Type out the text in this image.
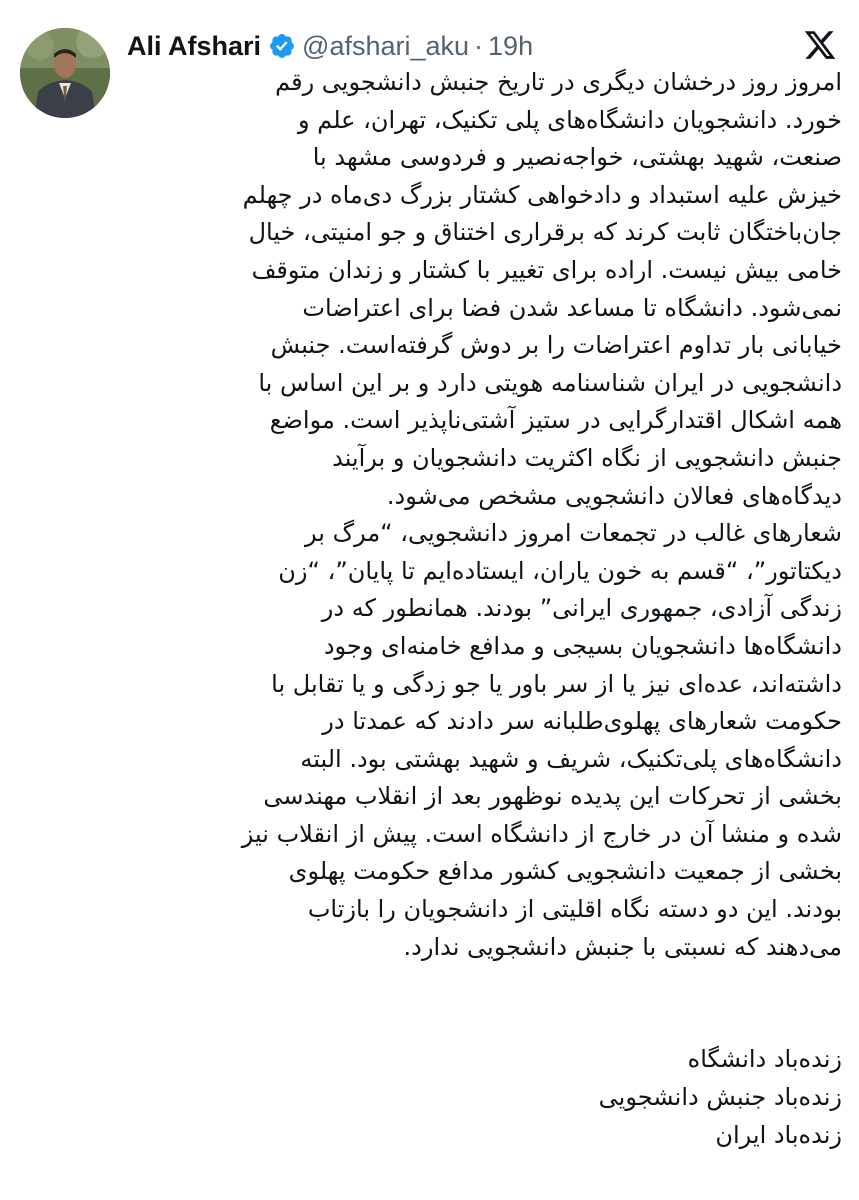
Ali Afshari @afshari_aku · 19h
امروز روز درخشان دیگری در تاریخ جنبش دانشجویی رقم
خورد. دانشجویان دانشگاه‌های پلی تکنیک، تهران، علم و
صنعت، شهید بهشتی، خواجه‌نصیر و فردوسی مشهد با
خیزش علیه استبداد و دادخواهی کشتار بزرگ دی‌ماه در چهلم
جان‌باختگان ثابت کرند که برقراری اختناق و جو امنیتی، خیال
خامی بیش نیست. اراده برای تغییر با کشتار و زندان متوقف
نمی‌شود. دانشگاه تا مساعد شدن فضا برای اعتراضات
خیابانی بار تداوم اعتراضات را بر دوش گرفته‌است. جنبش
دانشجویی در ایران شناسنامه هویتی دارد و بر این اساس با
همه اشکال اقتدارگرایی در ستیز آشتی‌ناپذیر است. مواضع
جنبش دانشجویی از نگاه اکثریت دانشجویان و برآیند
دیدگاه‌های فعالان دانشجویی مشخص می‌شود.
شعارهای غالب در تجمعات امروز دانشجویی، “مرگ بر
دیکتاتور”، “قسم به خون یاران، ایستاده‌ایم تا پایان”، “زن
زندگی آزادی، جمهوری ایرانی” بودند. همانطور که در
دانشگاه‌ها دانشجویان بسیجی و مدافع خامنه‌ای وجود
داشته‌اند، عده‌ای نیز یا از سر باور یا جو زدگی و یا تقابل با
حکومت شعارهای پهلوی‌طلبانه سر دادند که عمدتا در
دانشگاه‌های پلی‌تکنیک، شریف و شهید بهشتی بود. البته
بخشی از تحرکات این پدیده نوظهور بعد از انقلاب مهندسی
شده و منشا آن در خارج از دانشگاه است. پیش از انقلاب نیز
بخشی از جمعیت دانشجویی کشور مدافع حکومت پهلوی
بودند. این دو دسته نگاه اقلیتی از دانشجویان را بازتاب
می‌دهند که نسبتی با جنبش دانشجویی ندارد.
زنده‌باد دانشگاه
زنده‌باد جنبش دانشجویی
زنده‌باد ایران
